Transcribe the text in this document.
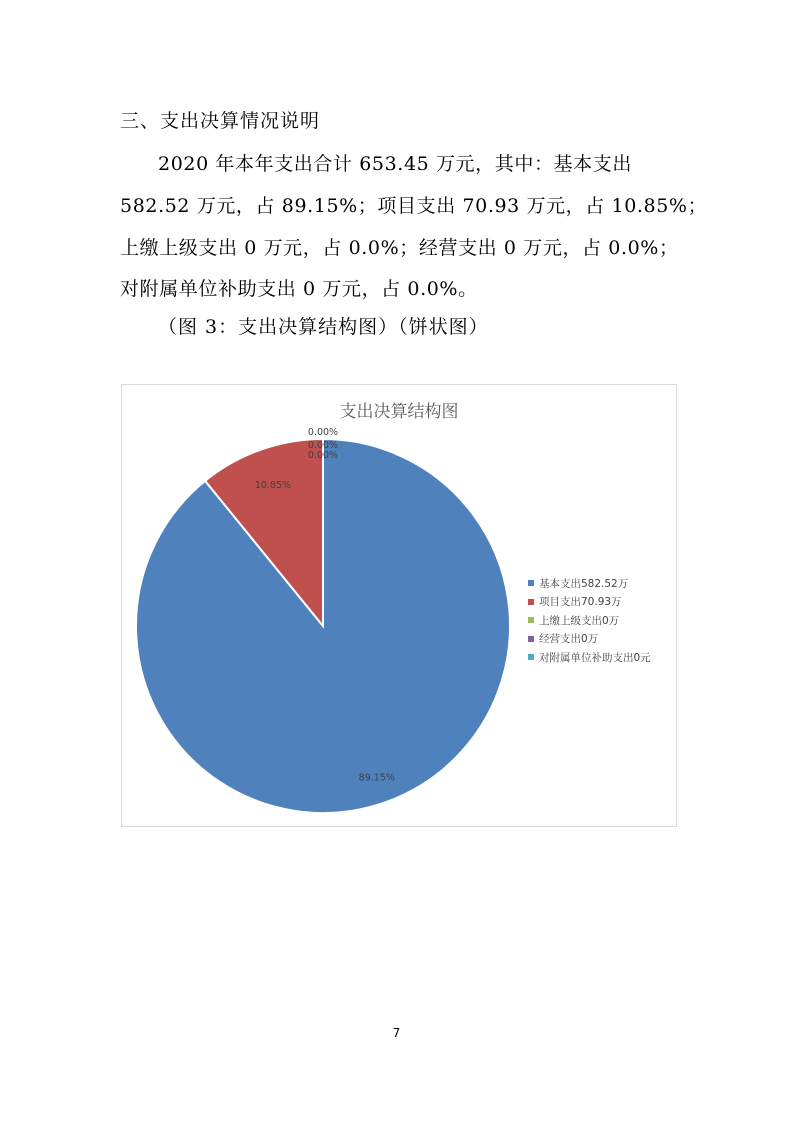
三、支出决算情况说明
2020 年本年支出合计 653.45 万元，其中：基本支出
582.52 万元，占 89.15%；项目支出 70.93 万元，占 10.85%；
上缴上级支出 0 万元，占 0.0%；经营支出 0 万元，占 0.0%；
对附属单位补助支出 0 万元，占 0.0%。
（图 3：支出决算结构图）（饼状图）
支出决算结构图
89.15%
10.85%
0.00%
0.00%
0.00%
基本支出582.52万
项目支出70.93万
上缴上级支出0万
经营支出0万
对附属单位补助支出0元
7
